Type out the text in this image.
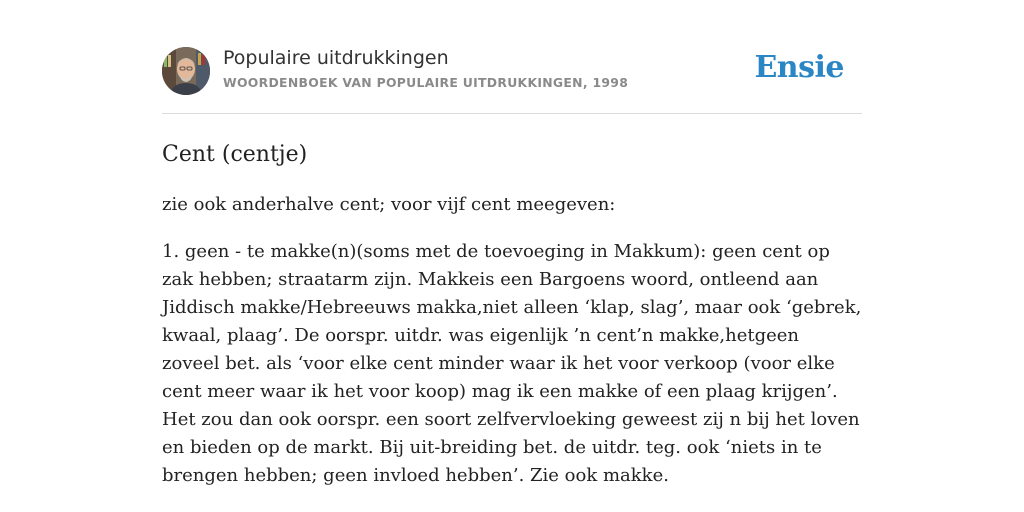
Populaire uitdrukkingen
WOORDENBOEK VAN POPULAIRE UITDRUKKINGEN, 1998	Ensie
Cent (centje)
zie ook anderhalve cent; voor vijf cent meegeven:
1. geen - te makke(n)(soms met de toevoeging in Makkum): geen cent op zak hebben; straatarm zijn. Makkeis een Bargoens woord, ontleend aan Jiddisch makke/Hebreeuws makka,niet alleen ‘klap, slag’, maar ook ‘gebrek, kwaal, plaag’. De oorspr. uitdr. was eigenlijk ’n cent’n makke,hetgeen zoveel bet. als ‘voor elke cent minder waar ik het voor verkoop (voor elke cent meer waar ik het voor koop) mag ik een makke of een plaag krijgen’. Het zou dan ook oorspr. een soort zelfvervloeking geweest zij n bij het loven en bieden op de markt. Bij uit-breiding bet. de uitdr. teg. ook ‘niets in te brengen hebben; geen invloed hebben’. Zie ook makke.
